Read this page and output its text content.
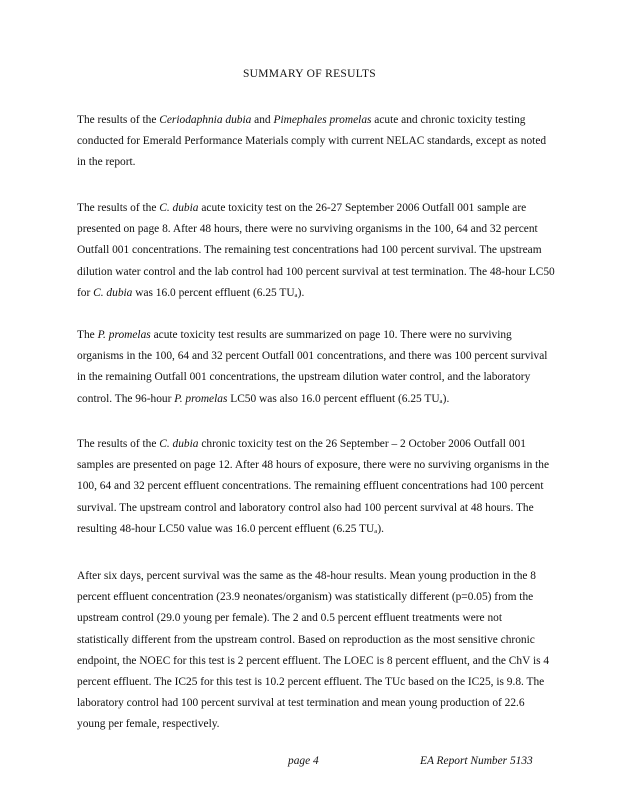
SUMMARY OF RESULTS

The results of the Ceriodaphnia dubia and Pimephales promelas acute and chronic toxicity testing conducted for Emerald Performance Materials comply with current NELAC standards, except as noted in the report.

The results of the C. dubia acute toxicity test on the 26-27 September 2006 Outfall 001 sample are presented on page 8. After 48 hours, there were no surviving organisms in the 100, 64 and 32 percent Outfall 001 concentrations. The remaining test concentrations had 100 percent survival. The upstream dilution water control and the lab control had 100 percent survival at test termination. The 48-hour LC50 for C. dubia was 16.0 percent effluent (6.25 TUₐ).

The P. promelas acute toxicity test results are summarized on page 10. There were no surviving organisms in the 100, 64 and 32 percent Outfall 001 concentrations, and there was 100 percent survival in the remaining Outfall 001 concentrations, the upstream dilution water control, and the laboratory control. The 96-hour P. promelas LC50 was also 16.0 percent effluent (6.25 TUₐ).

The results of the C. dubia chronic toxicity test on the 26 September – 2 October 2006 Outfall 001 samples are presented on page 12. After 48 hours of exposure, there were no surviving organisms in the 100, 64 and 32 percent effluent concentrations. The remaining effluent concentrations had 100 percent survival. The upstream control and laboratory control also had 100 percent survival at 48 hours. The resulting 48-hour LC50 value was 16.0 percent effluent (6.25 TUₐ).

After six days, percent survival was the same as the 48-hour results. Mean young production in the 8 percent effluent concentration (23.9 neonates/organism) was statistically different (p=0.05) from the upstream control (29.0 young per female). The 2 and 0.5 percent effluent treatments were not statistically different from the upstream control. Based on reproduction as the most sensitive chronic endpoint, the NOEC for this test is 2 percent effluent. The LOEC is 8 percent effluent, and the ChV is 4 percent effluent. The IC25 for this test is 10.2 percent effluent. The TUc based on the IC25, is 9.8. The laboratory control had 100 percent survival at test termination and mean young production of 22.6 young per female, respectively.

page 4	EA Report Number 5133
